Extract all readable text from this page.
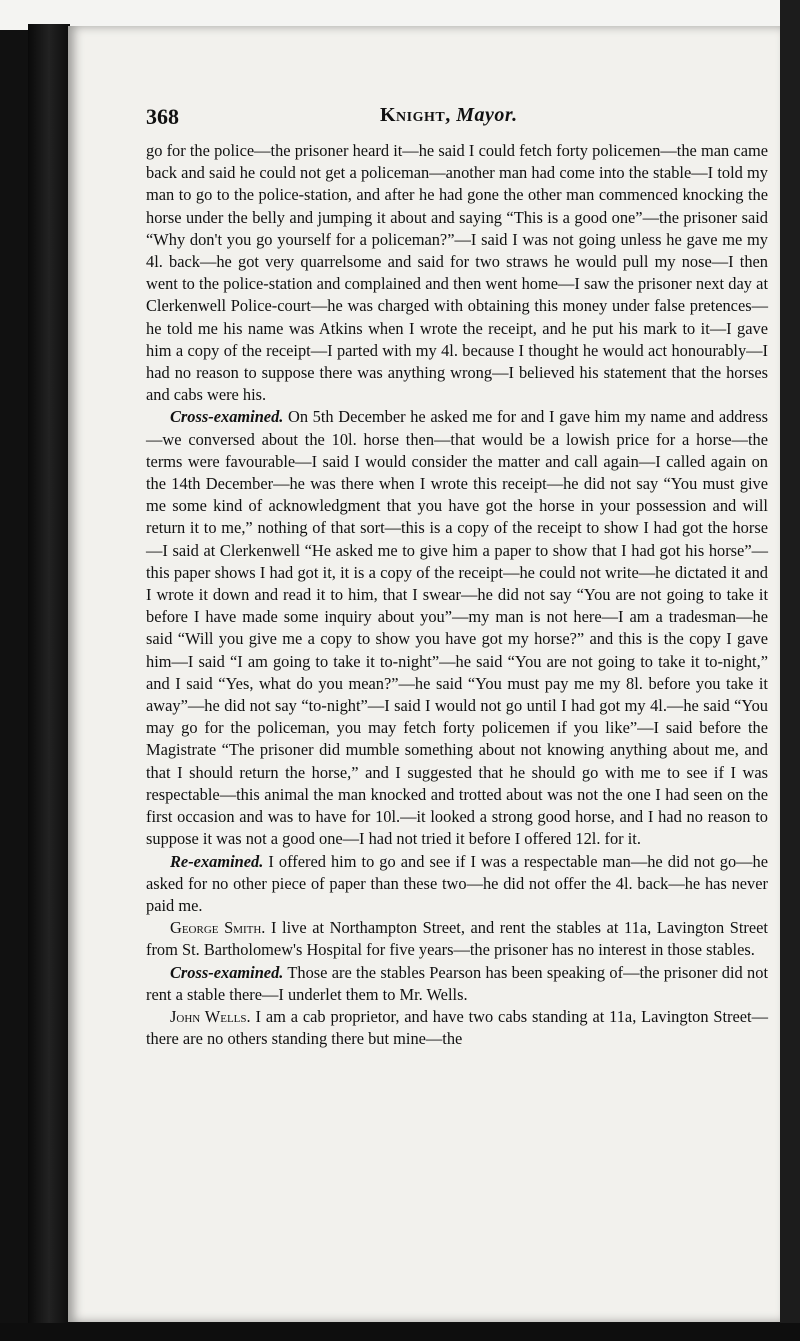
368	Knight, Mayor.

go for the police—the prisoner heard it—he said I could fetch forty policemen—the man came back and said he could not get a policeman—another man had come into the stable—I told my man to go to the police-station, and after he had gone the other man commenced knocking the horse under the belly and jumping it about and saying “This is a good one”—the prisoner said “Why don't you go yourself for a policeman?”—I said I was not going unless he gave me my 4l. back—he got very quarrelsome and said for two straws he would pull my nose—I then went to the police-station and complained and then went home—I saw the prisoner next day at Clerkenwell Police-court—he was charged with obtaining this money under false pretences—he told me his name was Atkins when I wrote the receipt, and he put his mark to it—I gave him a copy of the receipt—I parted with my 4l. because I thought he would act honourably—I had no reason to suppose there was anything wrong—I believed his statement that the horses and cabs were his.

Cross-examined. On 5th December he asked me for and I gave him my name and address—we conversed about the 10l. horse then—that would be a lowish price for a horse—the terms were favourable—I said I would consider the matter and call again—I called again on the 14th December—he was there when I wrote this receipt—he did not say “You must give me some kind of acknowledgment that you have got the horse in your possession and will return it to me,” nothing of that sort—this is a copy of the receipt to show I had got the horse—I said at Clerkenwell “He asked me to give him a paper to show that I had got his horse”—this paper shows I had got it, it is a copy of the receipt—he could not write—he dictated it and I wrote it down and read it to him, that I swear—he did not say “You are not going to take it before I have made some inquiry about you”—my man is not here—I am a tradesman—he said “Will you give me a copy to show you have got my horse?” and this is the copy I gave him—I said “I am going to take it to-night”—he said “You are not going to take it to-night,” and I said “Yes, what do you mean?”—he said “You must pay me my 8l. before you take it away”—he did not say “to-night”—I said I would not go until I had got my 4l.—he said “You may go for the policeman, you may fetch forty policemen if you like”—I said before the Magistrate “The prisoner did mumble something about not knowing anything about me, and that I should return the horse,” and I suggested that he should go with me to see if I was respectable—this animal the man knocked and trotted about was not the one I had seen on the first occasion and was to have for 10l.—it looked a strong good horse, and I had no reason to suppose it was not a good one—I had not tried it before I offered 12l. for it.

Re-examined. I offered him to go and see if I was a respectable man—he did not go—he asked for no other piece of paper than these two—he did not offer the 4l. back—he has never paid me.

George Smith. I live at Northampton Street, and rent the stables at 11a, Lavington Street from St. Bartholomew's Hospital for five years—the prisoner has no interest in those stables.

Cross-examined. Those are the stables Pearson has been speaking of—the prisoner did not rent a stable there—I underlet them to Mr. Wells.

John Wells. I am a cab proprietor, and have two cabs standing at 11a, Lavington Street—there are no others standing there but mine—the
